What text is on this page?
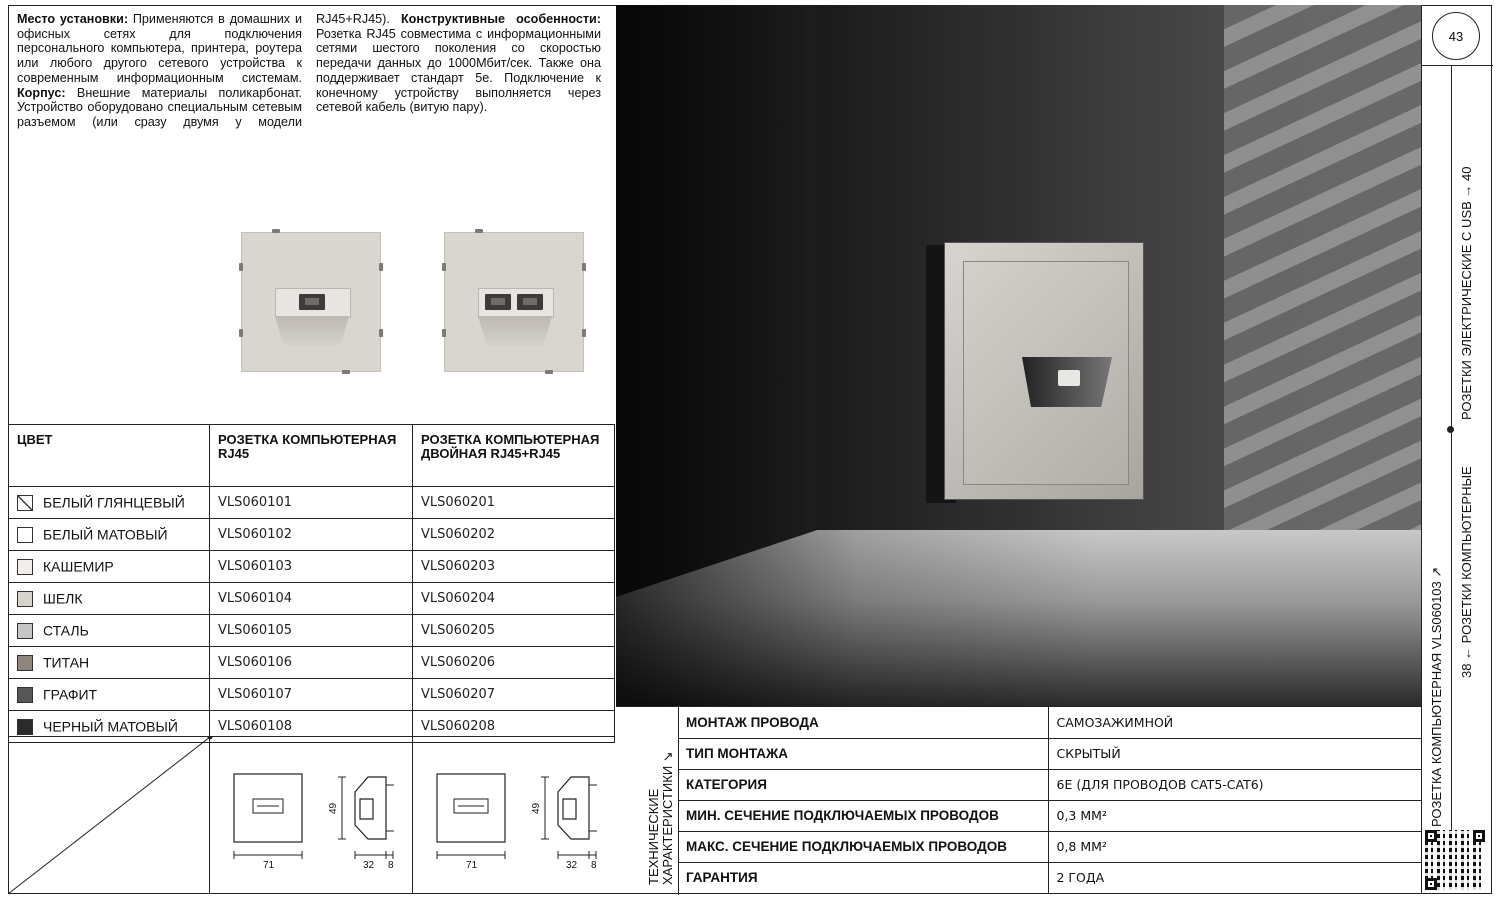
Место установки: Применяются в домашних и офисных сетях для подключения персонального компьютера, принтера, роутера или любого другого сетевого устройства к современным информационным системам. Корпус: Внешние материалы поликарбонат. Устройство оборудовано специальным сетевым разъемом (или сразу двумя у модели RJ45+RJ45). Конструктивные особенности: Розетка RJ45 совместима с информационными сетями шестого поколения со скоростью передачи данных до 1000Мбит/сек. Также она поддерживает стандарт 5е. Подключение к конечному устройству выполняется через сетевой кабель (витую пару).

ЦВЕТ	РОЗЕТКА КОМПЬЮТЕРНАЯ RJ45	РОЗЕТКА КОМПЬЮТЕРНАЯ ДВОЙНАЯ RJ45+RJ45
БЕЛЫЙ ГЛЯНЦЕВЫЙ	VLS060101	VLS060201
БЕЛЫЙ МАТОВЫЙ	VLS060102	VLS060202
КАШЕМИР	VLS060103	VLS060203
ШЕЛК	VLS060104	VLS060204
СТАЛЬ	VLS060105	VLS060205
ТИТАН	VLS060106	VLS060206
ГРАФИТ	VLS060107	VLS060207
ЧЕРНЫЙ МАТОВЫЙ	VLS060108	VLS060208
71
49
32 8	71
49
32 8	ТЕХНИЧЕСКИЕ ХАРАКТЕРИСТИКИ ↘
МОНТАЖ ПРОВОДА	САМОЗАЖИМНОЙ
ТИП МОНТАЖА	СКРЫТЫЙ
КАТЕГОРИЯ	6Е (ДЛЯ ПРОВОДОВ CAT5-CAT6)
МИН. СЕЧЕНИЕ ПОДКЛЮЧАЕМЫХ ПРОВОДОВ	0,3 ММ²
МАКС. СЕЧЕНИЕ ПОДКЛЮЧАЕМЫХ ПРОВОДОВ	0,8 ММ²
ГАРАНТИЯ	2 ГОДА
43
РОЗЕТКА КОМПЬЮТЕРНАЯ VLS060103 ↗ 38 ← РОЗЕТКИ КОМПЬЮТЕРНЫЕ
РОЗЕТКИ ЭЛЕКТРИЧЕСКИЕ С USB → 40
